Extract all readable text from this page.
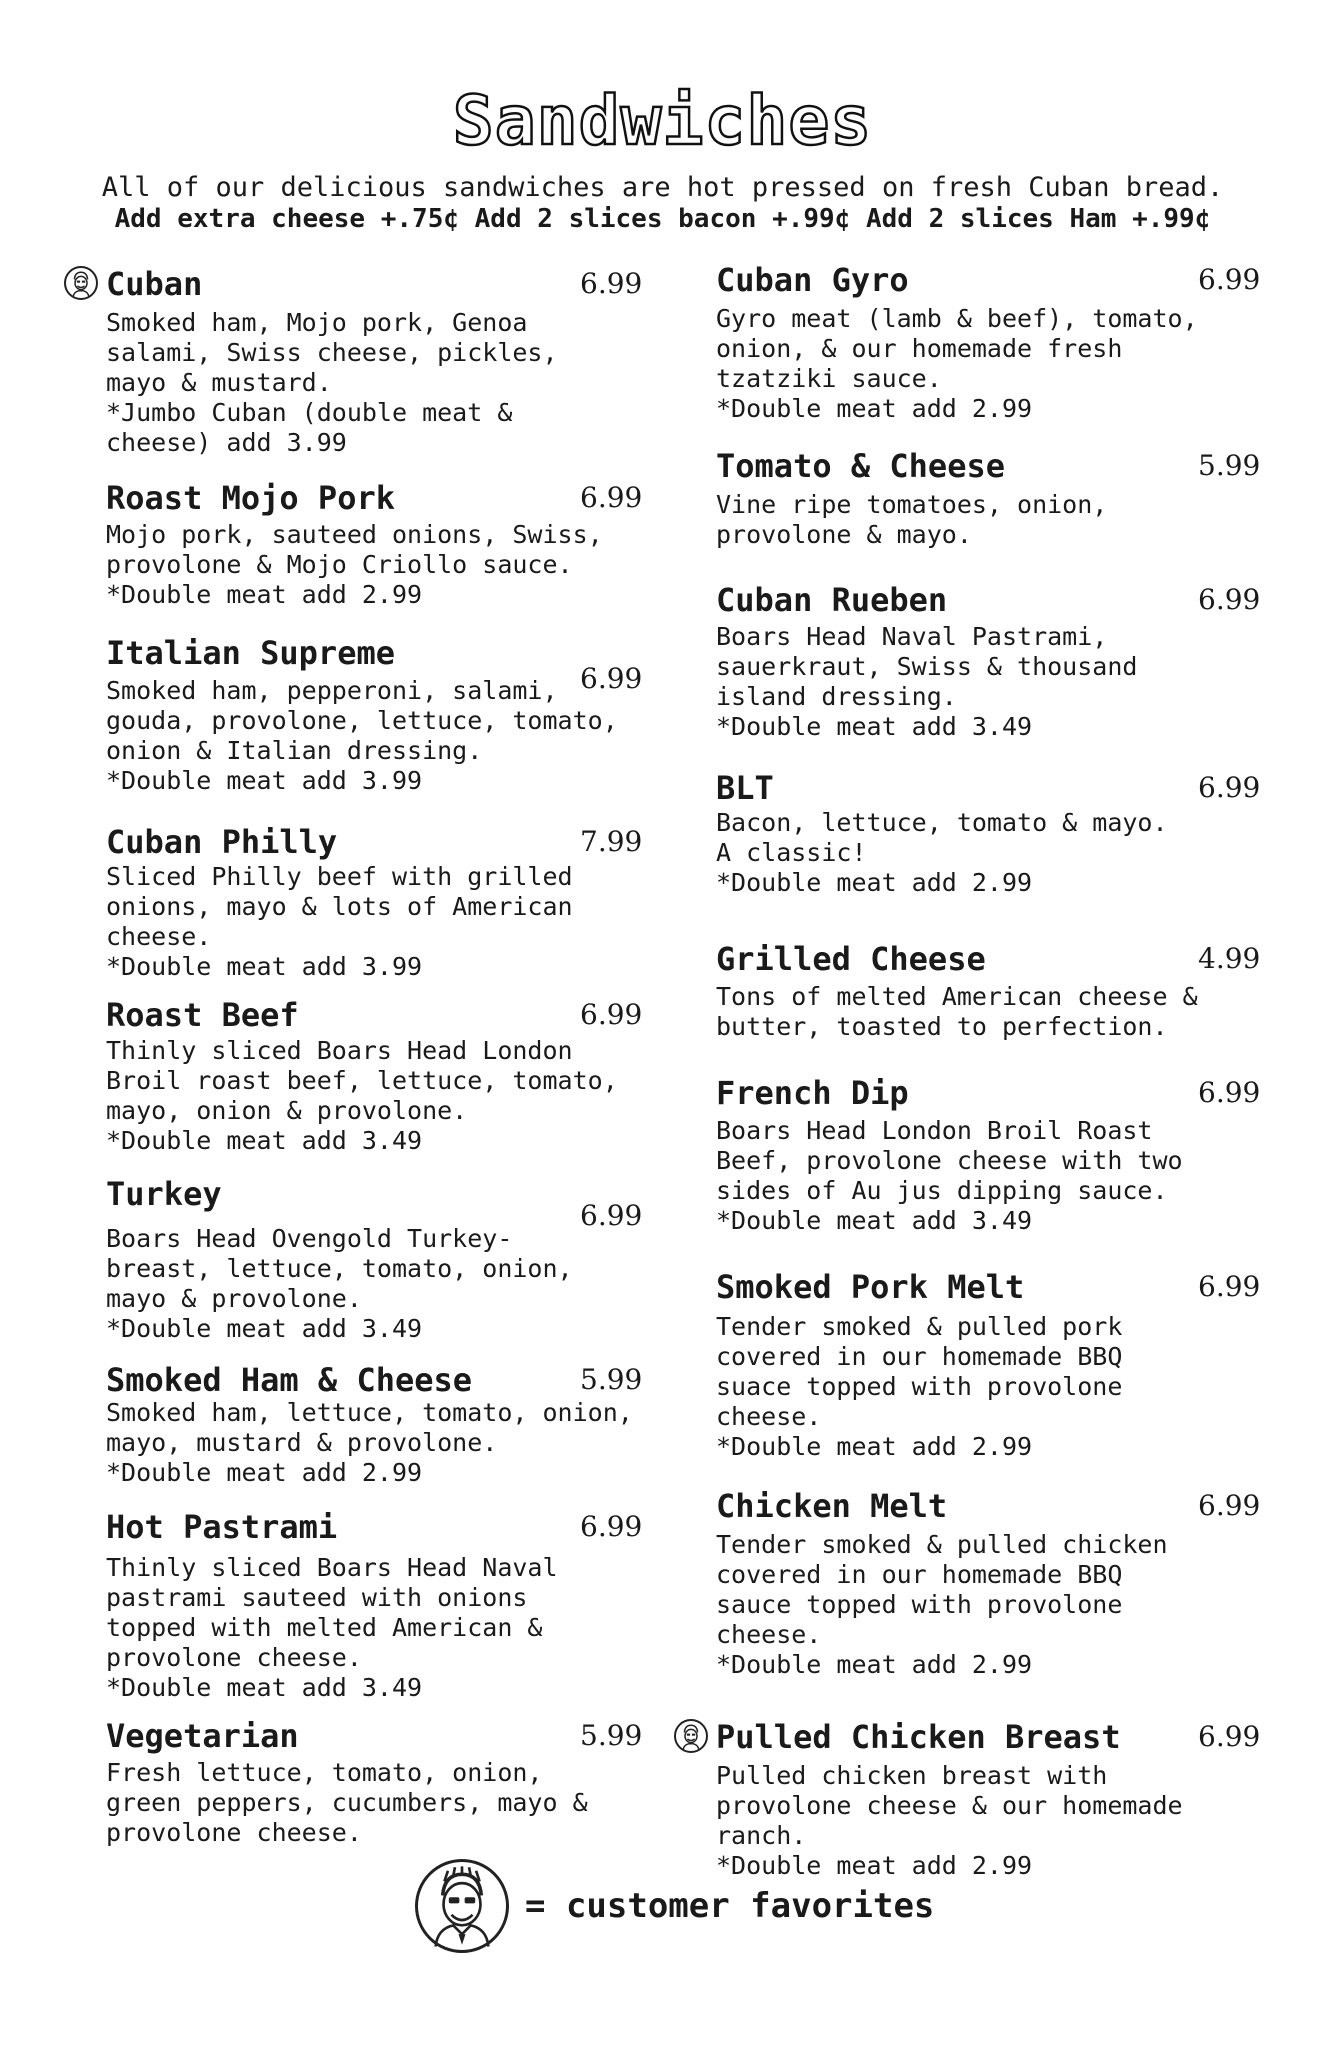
Sandwiches
All of our delicious sandwiches are hot pressed on fresh Cuban bread.
Add extra cheese +.75¢ Add 2 slices bacon +.99¢ Add 2 slices Ham +.99¢
Cuban	6.99
Smoked ham, Mojo pork, Genoa
salami, Swiss cheese, pickles,
mayo & mustard.
*Jumbo Cuban (double meat &
cheese) add 3.99
Roast Mojo Pork	6.99
Mojo pork, sauteed onions, Swiss,
provolone & Mojo Criollo sauce.
*Double meat add 2.99
Italian Supreme
6.99
Smoked ham, pepperoni, salami,
gouda, provolone, lettuce, tomato,
onion & Italian dressing.
*Double meat add 3.99
Cuban Philly	7.99
Sliced Philly beef with grilled
onions, mayo & lots of American
cheese.
*Double meat add 3.99
Roast Beef	6.99
Thinly sliced Boars Head London
Broil roast beef, lettuce, tomato,
mayo, onion & provolone.
*Double meat add 3.49
Turkey
6.99
Boars Head Ovengold Turkey-
breast, lettuce, tomato, onion,
mayo & provolone.
*Double meat add 3.49
Smoked Ham & Cheese	5.99
Smoked ham, lettuce, tomato, onion,
mayo, mustard & provolone.
*Double meat add 2.99
Hot Pastrami	6.99
Thinly sliced Boars Head Naval
pastrami sauteed with onions
topped with melted American &
provolone cheese.
*Double meat add 3.49
Vegetarian	5.99
Fresh lettuce, tomato, onion,
green peppers, cucumbers, mayo &
provolone cheese.
Cuban Gyro	6.99
Gyro meat (lamb & beef), tomato,
onion, & our homemade fresh
tzatziki sauce.
*Double meat add 2.99
Tomato & Cheese	5.99
Vine ripe tomatoes, onion,
provolone & mayo.
Cuban Rueben	6.99
Boars Head Naval Pastrami,
sauerkraut, Swiss & thousand
island dressing.
*Double meat add 3.49
BLT	6.99
Bacon, lettuce, tomato & mayo.
A classic!
*Double meat add 2.99
Grilled Cheese	4.99
Tons of melted American cheese &
butter, toasted to perfection.
French Dip	6.99
Boars Head London Broil Roast
Beef, provolone cheese with two
sides of Au jus dipping sauce.
*Double meat add 3.49
Smoked Pork Melt	6.99
Tender smoked & pulled pork
covered in our homemade BBQ
suace topped with provolone
cheese.
*Double meat add 2.99
Chicken Melt	6.99
Tender smoked & pulled chicken
covered in our homemade BBQ
sauce topped with provolone
cheese.
*Double meat add 2.99
Pulled Chicken Breast	6.99
Pulled chicken breast with
provolone cheese & our homemade
ranch.
*Double meat add 2.99
= customer favorites
